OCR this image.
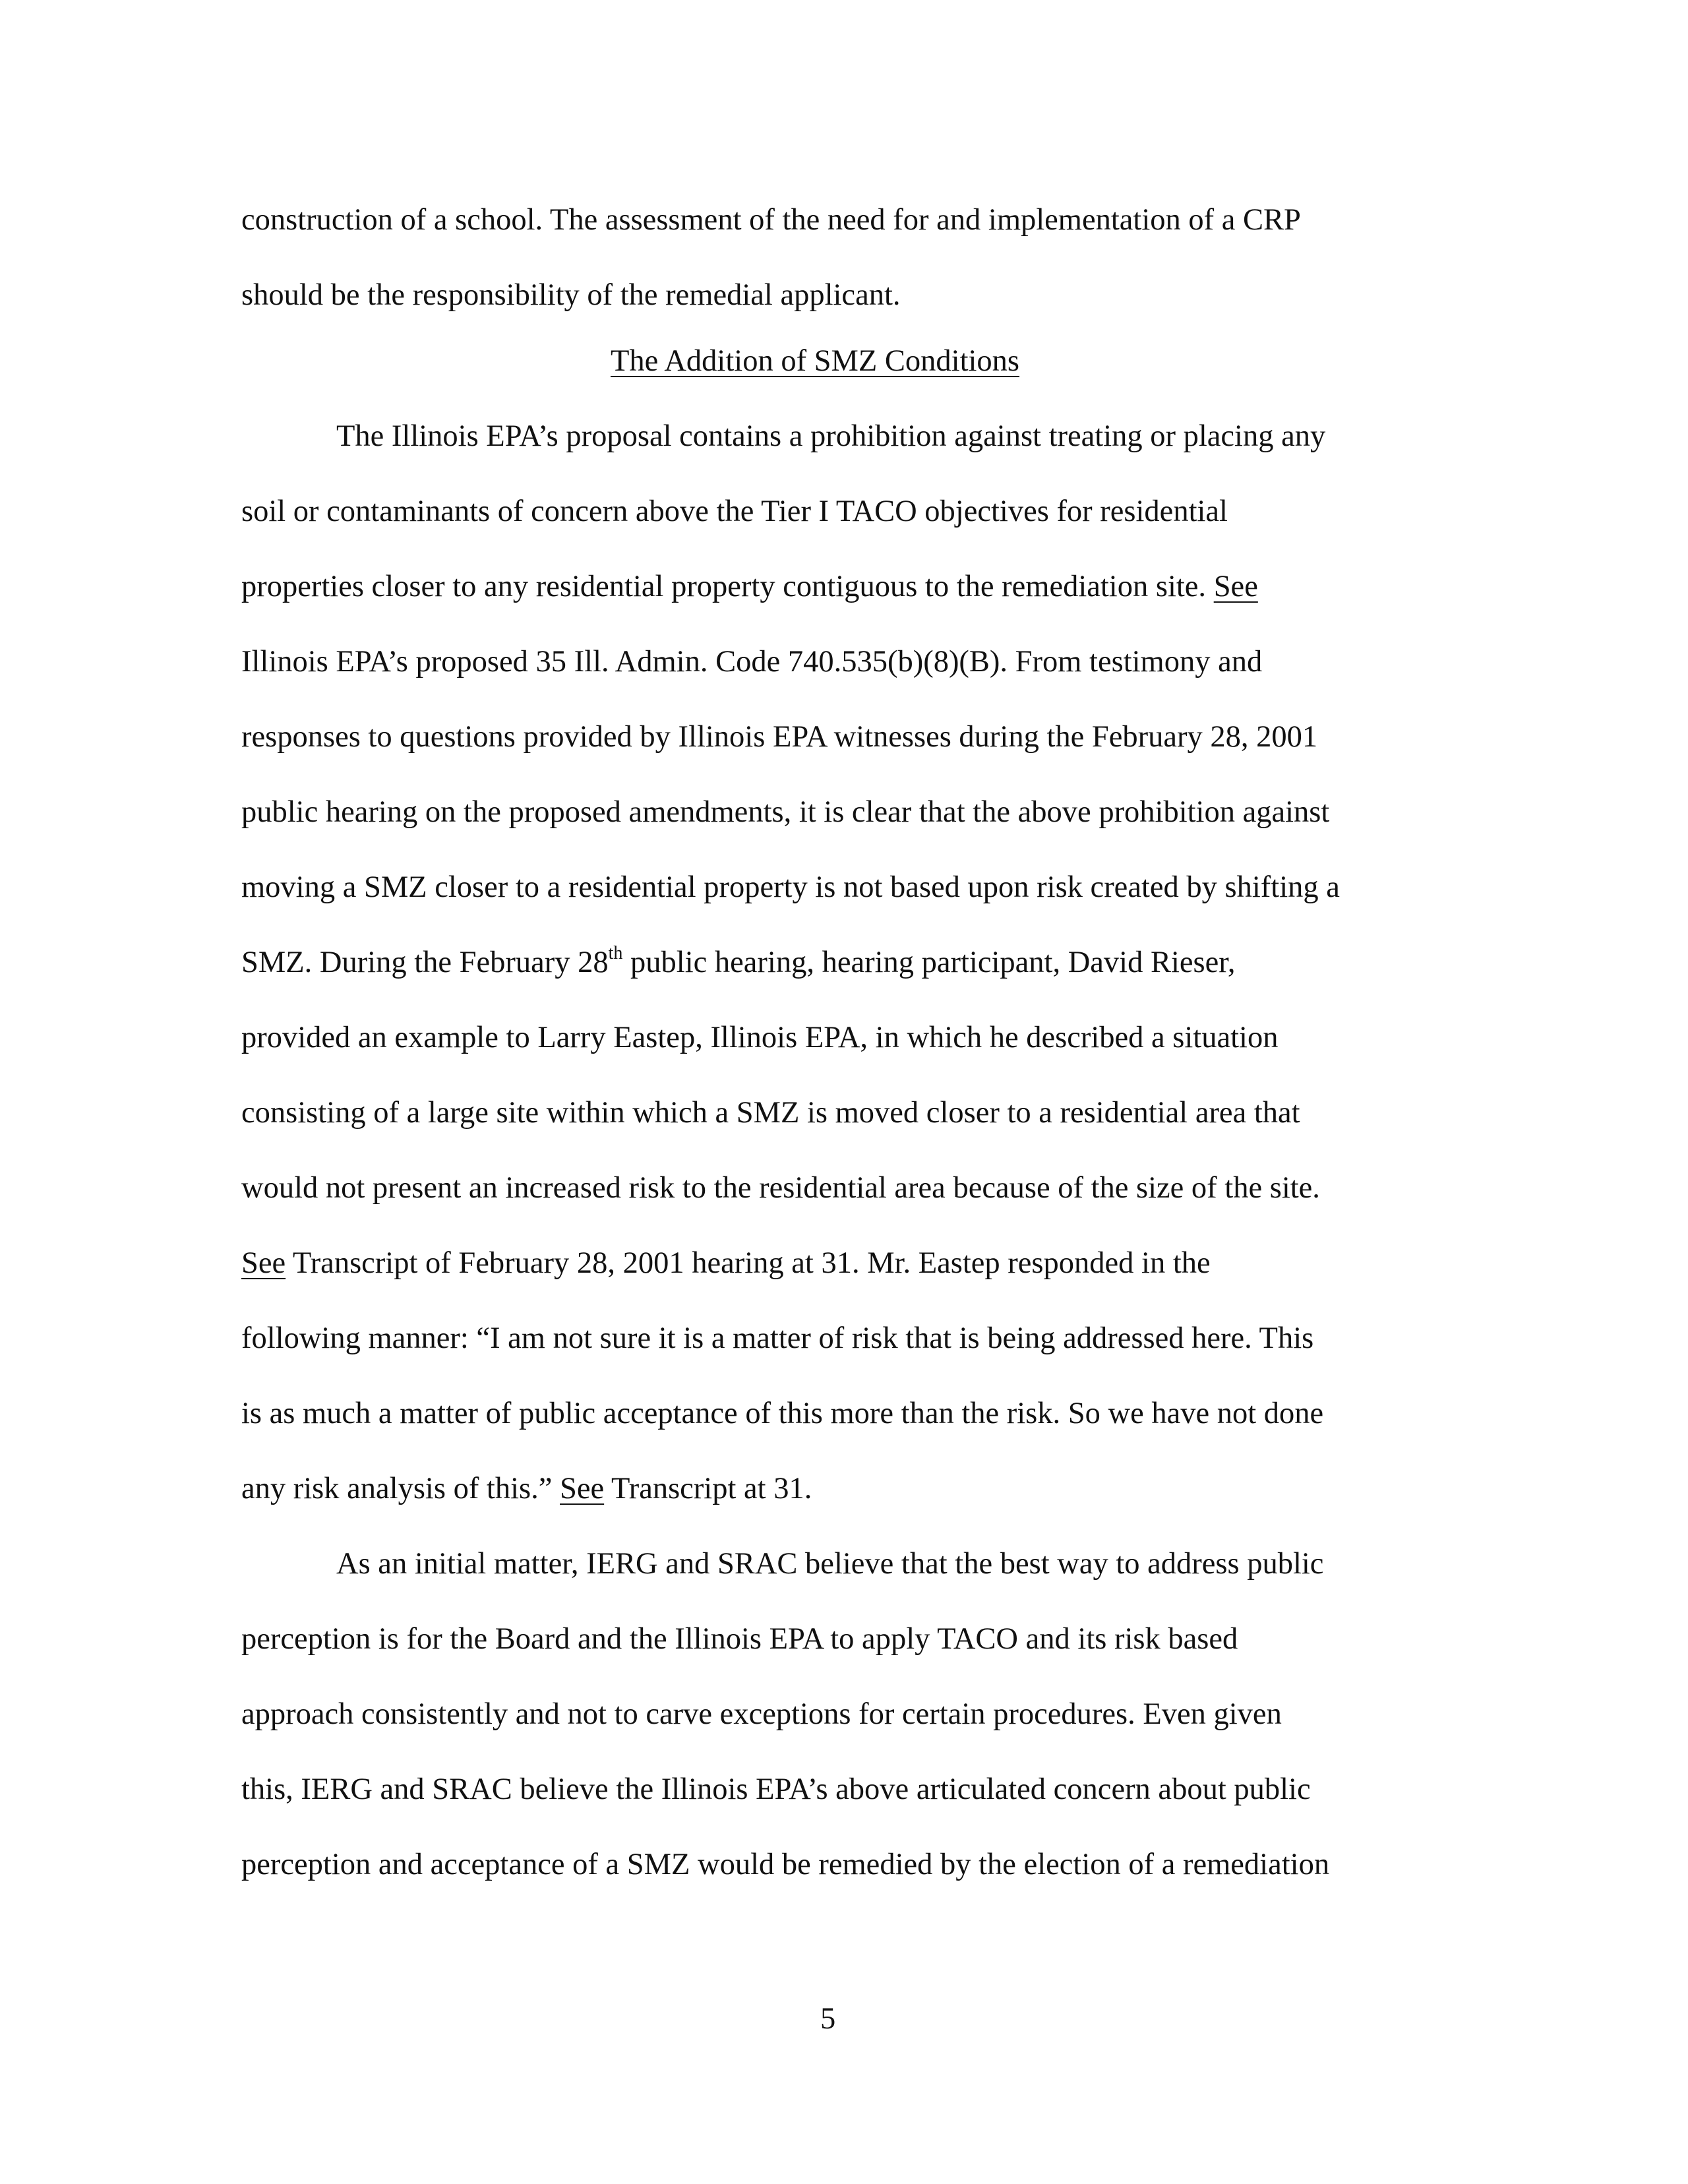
construction of a school. The assessment of the need for and implementation of a CRP
should be the responsibility of the remedial applicant.
The Addition of SMZ Conditions
The Illinois EPA’s proposal contains a prohibition against treating or placing any
soil or contaminants of concern above the Tier I TACO objectives for residential
properties closer to any residential property contiguous to the remediation site. See
Illinois EPA’s proposed 35 Ill. Admin. Code 740.535(b)(8)(B). From testimony and
responses to questions provided by Illinois EPA witnesses during the February 28, 2001
public hearing on the proposed amendments, it is clear that the above prohibition against
moving a SMZ closer to a residential property is not based upon risk created by shifting a
SMZ. During the February 28th public hearing, hearing participant, David Rieser,
provided an example to Larry Eastep, Illinois EPA, in which he described a situation
consisting of a large site within which a SMZ is moved closer to a residential area that
would not present an increased risk to the residential area because of the size of the site.
See Transcript of February 28, 2001 hearing at 31. Mr. Eastep responded in the
following manner: “I am not sure it is a matter of risk that is being addressed here. This
is as much a matter of public acceptance of this more than the risk. So we have not done
any risk analysis of this.” See Transcript at 31.
As an initial matter, IERG and SRAC believe that the best way to address public
perception is for the Board and the Illinois EPA to apply TACO and its risk based
approach consistently and not to carve exceptions for certain procedures. Even given
this, IERG and SRAC believe the Illinois EPA’s above articulated concern about public
perception and acceptance of a SMZ would be remedied by the election of a remediation
5
